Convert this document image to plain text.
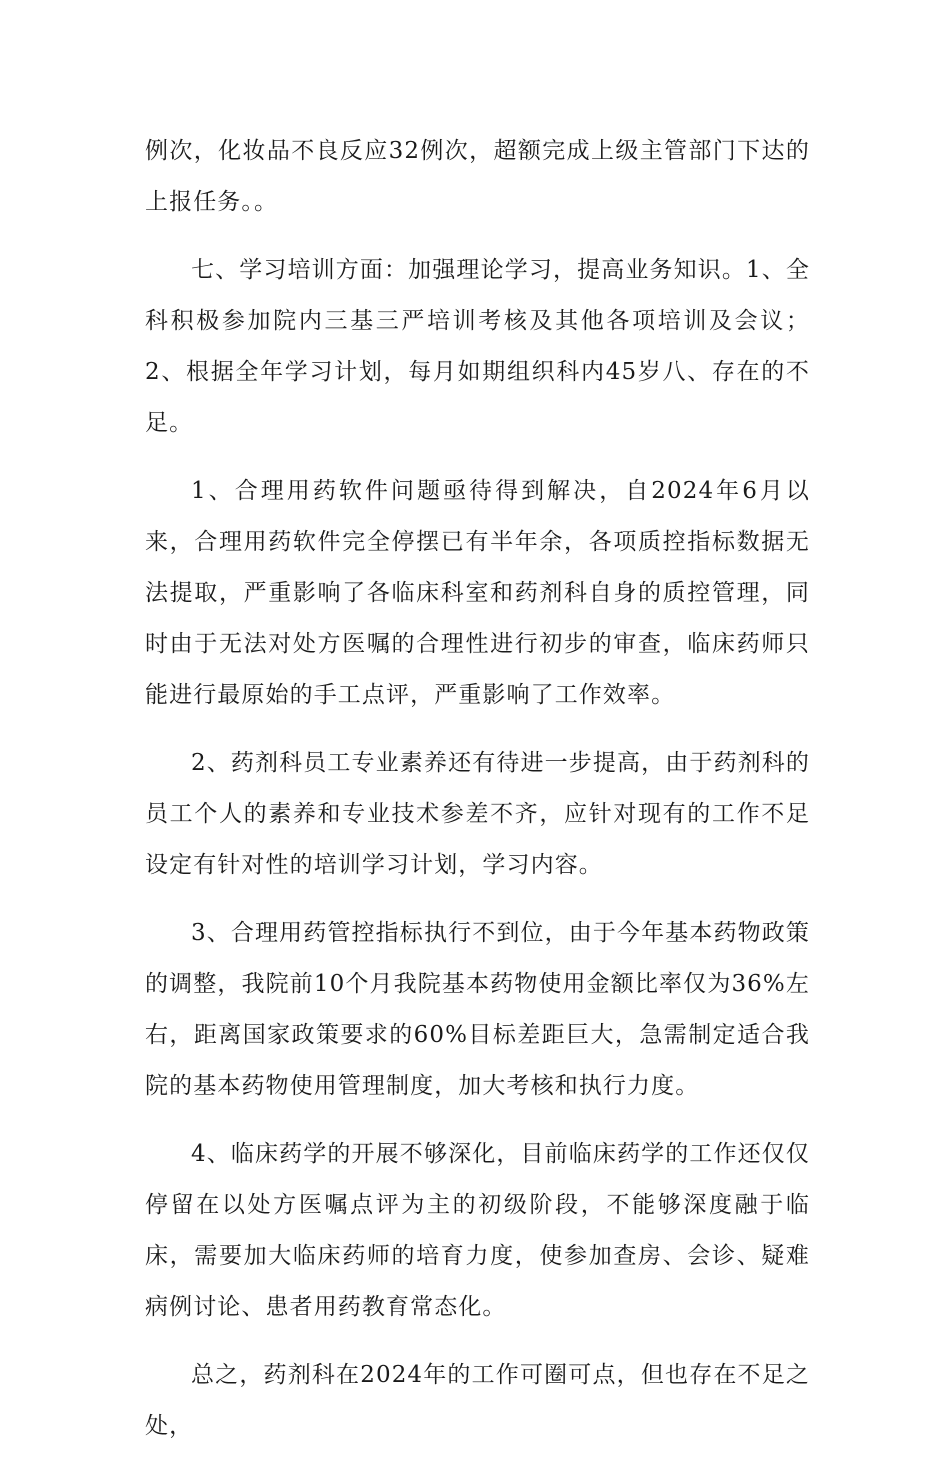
例次，化妆品不良反应32例次，超额完成上级主管部门下达的上报任务。。

七、学习培训方面：加强理论学习，提高业务知识。1、全科积极参加院内三基三严培训考核及其他各项培训及会议；2、根据全年学习计划，每月如期组织科内45岁八、存在的不足。

1、合理用药软件问题亟待得到解决，自2024年6月以来，合理用药软件完全停摆已有半年余，各项质控指标数据无法提取，严重影响了各临床科室和药剂科自身的质控管理，同时由于无法对处方医嘱的合理性进行初步的审查，临床药师只能进行最原始的手工点评，严重影响了工作效率。

2、药剂科员工专业素养还有待进一步提高，由于药剂科的员工个人的素养和专业技术参差不齐，应针对现有的工作不足设定有针对性的培训学习计划，学习内容。

3、合理用药管控指标执行不到位，由于今年基本药物政策的调整，我院前10个月我院基本药物使用金额比率仅为36%左右，距离国家政策要求的60%目标差距巨大，急需制定适合我院的基本药物使用管理制度，加大考核和执行力度。

4、临床药学的开展不够深化，目前临床药学的工作还仅仅停留在以处方医嘱点评为主的初级阶段，不能够深度融于临床，需要加大临床药师的培育力度，使参加查房、会诊、疑难病例讨论、患者用药教育常态化。

总之，药剂科在2024年的工作可圈可点，但也存在不足之处，
